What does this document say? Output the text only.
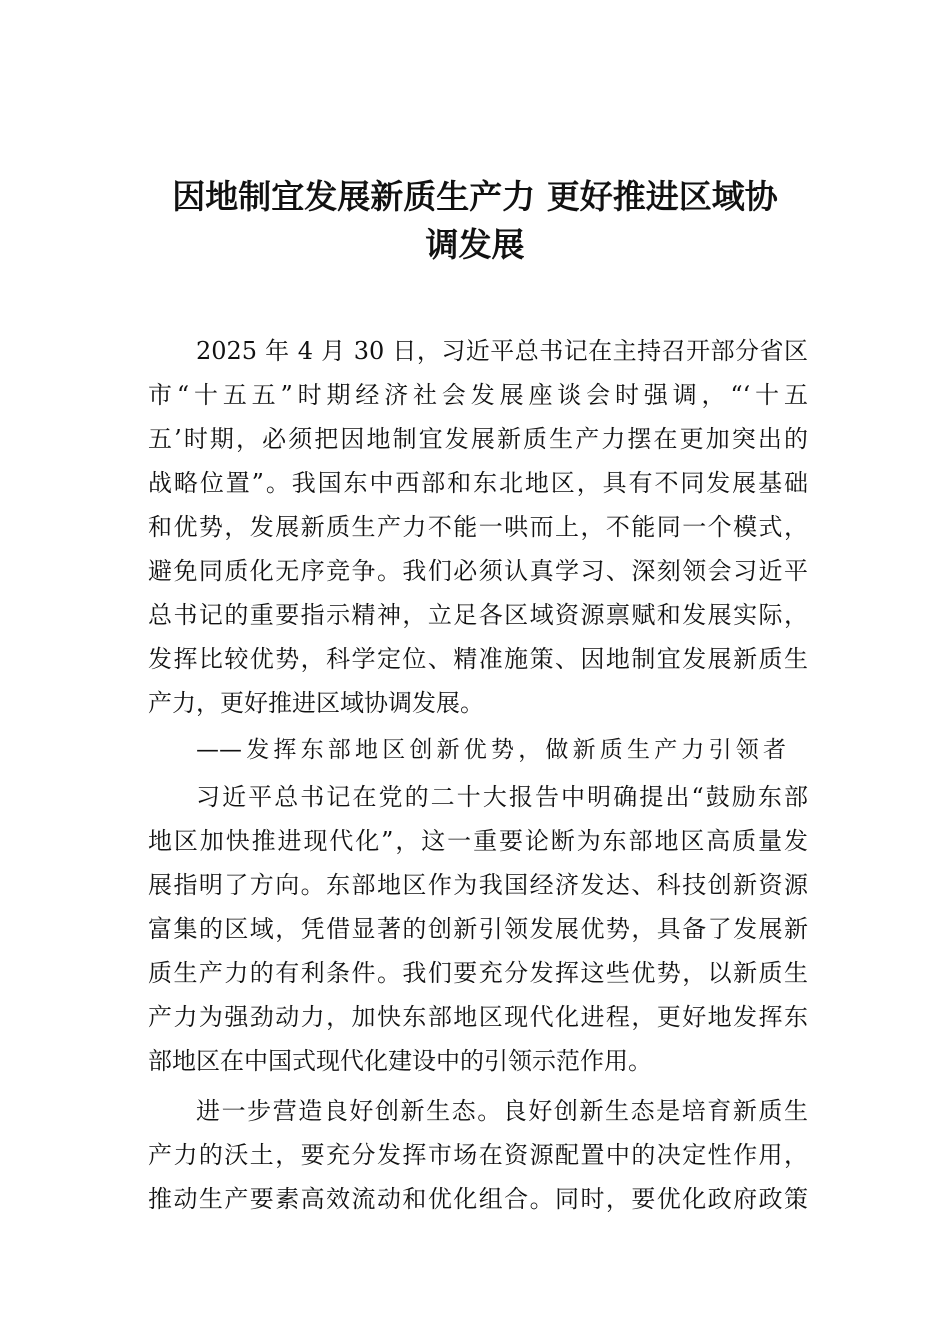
因地制宜发展新质生产力 更好推进区域协
调发展
2025 年 4 月 30 日，习近平总书记在主持召开部分省区
市“十五五”时期经济社会发展座谈会时强调，“‘十五
五’时期，必须把因地制宜发展新质生产力摆在更加突出的
战略位置”。我国东中西部和东北地区，具有不同发展基础
和优势，发展新质生产力不能一哄而上，不能同一个模式，
避免同质化无序竞争。我们必须认真学习、深刻领会习近平
总书记的重要指示精神，立足各区域资源禀赋和发展实际，
发挥比较优势，科学定位、精准施策、因地制宜发展新质生
产力，更好推进区域协调发展。
——发挥东部地区创新优势，做新质生产力引领者
习近平总书记在党的二十大报告中明确提出“鼓励东部
地区加快推进现代化”，这一重要论断为东部地区高质量发
展指明了方向。东部地区作为我国经济发达、科技创新资源
富集的区域，凭借显著的创新引领发展优势，具备了发展新
质生产力的有利条件。我们要充分发挥这些优势，以新质生
产力为强劲动力，加快东部地区现代化进程，更好地发挥东
部地区在中国式现代化建设中的引领示范作用。
进一步营造良好创新生态。良好创新生态是培育新质生
产力的沃土，要充分发挥市场在资源配置中的决定性作用，
推动生产要素高效流动和优化组合。同时，要优化政府政策
